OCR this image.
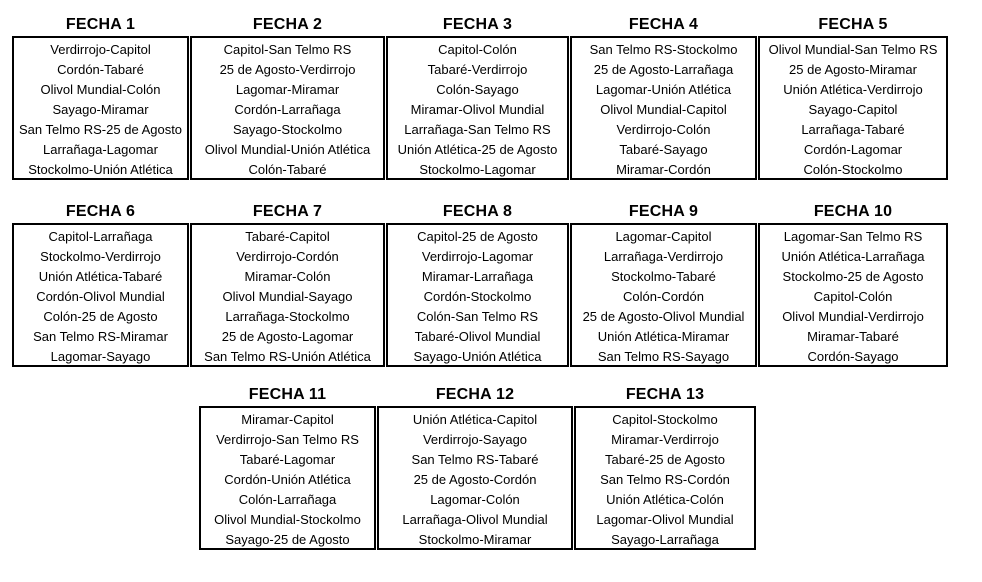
FECHA 1
Verdirrojo-Capitol
Cordón-Tabaré
Olivol Mundial-Colón
Sayago-Miramar
San Telmo RS-25 de Agosto
Larrañaga-Lagomar
Stockolmo-Unión Atlética
FECHA 2
Capitol-San Telmo RS
25 de Agosto-Verdirrojo
Lagomar-Miramar
Cordón-Larrañaga
Sayago-Stockolmo
Olivol Mundial-Unión Atlética
Colón-Tabaré
FECHA 3
Capitol-Colón
Tabaré-Verdirrojo
Colón-Sayago
Miramar-Olivol Mundial
Larrañaga-San Telmo RS
Unión Atlética-25 de Agosto
Stockolmo-Lagomar
FECHA 4
San Telmo RS-Stockolmo
25 de Agosto-Larrañaga
Lagomar-Unión Atlética
Olivol Mundial-Capitol
Verdirrojo-Colón
Tabaré-Sayago
Miramar-Cordón
FECHA 5
Olivol Mundial-San Telmo RS
25 de Agosto-Miramar
Unión Atlética-Verdirrojo
Sayago-Capitol
Larrañaga-Tabaré
Cordón-Lagomar
Colón-Stockolmo
FECHA 6
Capitol-Larrañaga
Stockolmo-Verdirrojo
Unión Atlética-Tabaré
Cordón-Olivol Mundial
Colón-25 de Agosto
San Telmo RS-Miramar
Lagomar-Sayago
FECHA 7
Tabaré-Capitol
Verdirrojo-Cordón
Miramar-Colón
Olivol Mundial-Sayago
Larrañaga-Stockolmo
25 de Agosto-Lagomar
San Telmo RS-Unión Atlética
FECHA 8
Capitol-25 de Agosto
Verdirrojo-Lagomar
Miramar-Larrañaga
Cordón-Stockolmo
Colón-San Telmo RS
Tabaré-Olivol Mundial
Sayago-Unión Atlética
FECHA 9
Lagomar-Capitol
Larrañaga-Verdirrojo
Stockolmo-Tabaré
Colón-Cordón
25 de Agosto-Olivol Mundial
Unión Atlética-Miramar
San Telmo RS-Sayago
FECHA 10
Lagomar-San Telmo RS
Unión Atlética-Larrañaga
Stockolmo-25 de Agosto
Capitol-Colón
Olivol Mundial-Verdirrojo
Miramar-Tabaré
Cordón-Sayago
FECHA 11
Miramar-Capitol
Verdirrojo-San Telmo RS
Tabaré-Lagomar
Cordón-Unión Atlética
Colón-Larrañaga
Olivol Mundial-Stockolmo
Sayago-25 de Agosto
FECHA 12
Unión Atlética-Capitol
Verdirrojo-Sayago
San Telmo RS-Tabaré
25 de Agosto-Cordón
Lagomar-Colón
Larrañaga-Olivol Mundial
Stockolmo-Miramar
FECHA 13
Capitol-Stockolmo
Miramar-Verdirrojo
Tabaré-25 de Agosto
San Telmo RS-Cordón
Unión Atlética-Colón
Lagomar-Olivol Mundial
Sayago-Larrañaga
